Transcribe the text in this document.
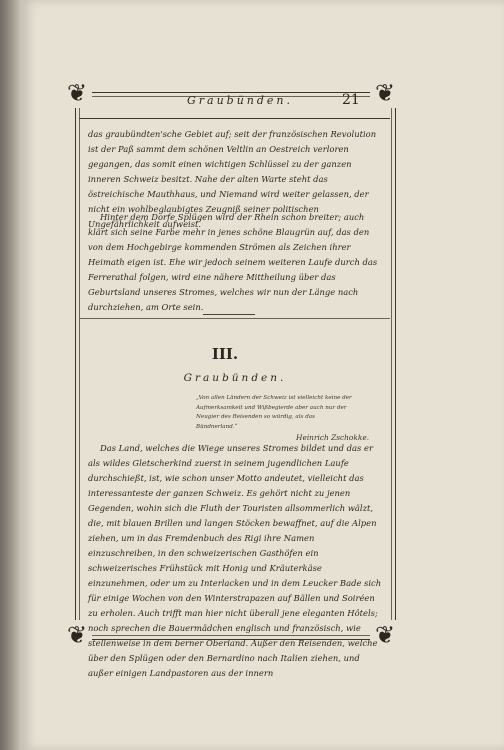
❦	❦
❦	❦
Graubünden.	21
das graubündten'sche Gebiet auf; seit der französischen Revolution ist der Paß sammt dem schönen Veltlin an Oestreich verloren gegangen, das somit einen wichtigen Schlüssel zu der ganzen inneren Schweiz besitzt. Nahe der alten Warte steht das östreichische Mauthhaus, und Niemand wird weiter gelassen, der nicht ein wohlbeglaubigtes Zeugniß seiner politischen Ungefährlichkeit aufweist.
Hinter dem Dorfe Splügen wird der Rhein schon breiter; auch klärt sich seine Farbe mehr in jenes schöne Blaugrün auf, das den von dem Hochgebirge kommenden Strömen als Zeichen ihrer Heimath eigen ist. Ehe wir jedoch seinem weiteren Laufe durch das Ferrerathal folgen, wird eine nähere Mittheilung über das Geburtsland unseres Stromes, welches wir nun der Länge nach durchziehen, am Orte sein.
III.
Graubünden.
„Von allen Ländern der Schweiz ist vielleicht keine der Aufmerksamkeit und Wißbegierde aber auch nur der Neugier des Reisenden so würdig, als das Bündnerland.“
Heinrich Zschokke.
Das Land, welches die Wiege unseres Stromes bildet und das er als wildes Gletscherkind zuerst in seinem jugendlichen Laufe durchschießt, ist, wie schon unser Motto andeutet, vielleicht das interessanteste der ganzen Schweiz. Es gehört nicht zu jenen Gegenden, wohin sich die Fluth der Touristen allsommerlich wälzt, die, mit blauen Brillen und langen Stöcken bewaffnet, auf die Alpen ziehen, um in das Fremdenbuch des Rigi ihre Namen einzuschreiben, in den schweizerischen Gasthöfen ein schweizerisches Frühstück mit Honig und Kräuterkäse einzunehmen, oder um zu Interlacken und in dem Leucker Bade sich für einige Wochen von den Winterstrapazen auf Bällen und Soiréen zu erholen. Auch trifft man hier nicht überall jene eleganten Hôtels; noch sprechen die Bauermädchen englisch und französisch, wie stellenweise in dem berner Oberland. Außer den Reisenden, welche über den Splügen oder den Bernardino nach Italien ziehen, und außer einigen Landpastoren aus der innern
